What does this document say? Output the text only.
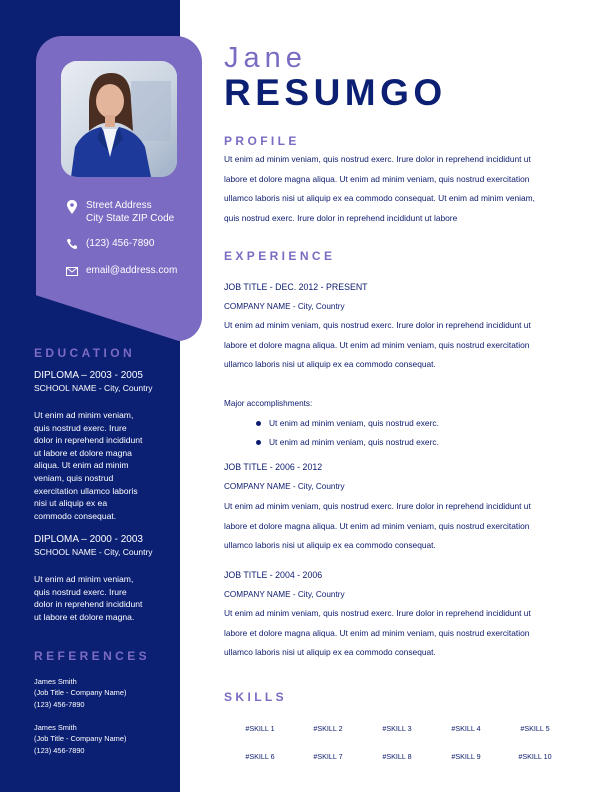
Street Address
City State ZIP Code
(123) 456-7890
email@address.com
EDUCATION
DIPLOMA – 2003 - 2005
SCHOOL NAME - City, Country
Ut enim ad minim veniam,
quis nostrud exerc. Irure
dolor in reprehend incididunt
ut labore et dolore magna
aliqua. Ut enim ad minim
veniam, quis nostrud
exercitation ullamco laboris
nisi ut aliquip ex ea
commodo consequat.
DIPLOMA – 2000 - 2003
SCHOOL NAME - City, Country
Ut enim ad minim veniam,
quis nostrud exerc. Irure
dolor in reprehend incididunt
ut labore et dolore magna.
REFERENCES
James Smith
(Job Title - Company Name)
(123) 456-7890
James Smith
(Job Title - Company Name)
(123) 456-7890
Jane
RESUMGO
PROFILE
Ut enim ad minim veniam, quis nostrud exerc. Irure dolor in reprehend incididunt ut
labore et dolore magna aliqua. Ut enim ad minim veniam, quis nostrud exercitation
ullamco laboris nisi ut aliquip ex ea commodo consequat. Ut enim ad minim veniam,
quis nostrud exerc. Irure dolor in reprehend incididunt ut labore
EXPERIENCE
JOB TITLE - DEC. 2012 - PRESENT
COMPANY NAME - City, Country
Ut enim ad minim veniam, quis nostrud exerc. Irure dolor in reprehend incididunt ut
labore et dolore magna aliqua. Ut enim ad minim veniam, quis nostrud exercitation
ullamco laboris nisi ut aliquip ex ea commodo consequat.
Major accomplishments:
Ut enim ad minim veniam, quis nostrud exerc.
Ut enim ad minim veniam, quis nostrud exerc.
JOB TITLE - 2006 - 2012
COMPANY NAME - City, Country
Ut enim ad minim veniam, quis nostrud exerc. Irure dolor in reprehend incididunt ut
labore et dolore magna aliqua. Ut enim ad minim veniam, quis nostrud exercitation
ullamco laboris nisi ut aliquip ex ea commodo consequat.
JOB TITLE - 2004 - 2006
COMPANY NAME - City, Country
Ut enim ad minim veniam, quis nostrud exerc. Irure dolor in reprehend incididunt ut
labore et dolore magna aliqua. Ut enim ad minim veniam, quis nostrud exercitation
ullamco laboris nisi ut aliquip ex ea commodo consequat.
SKILLS
#SKILL 1	#SKILL 2	#SKILL 3	#SKILL 4	#SKILL 5
#SKILL 6	#SKILL 7	#SKILL 8	#SKILL 9	#SKILL 10
